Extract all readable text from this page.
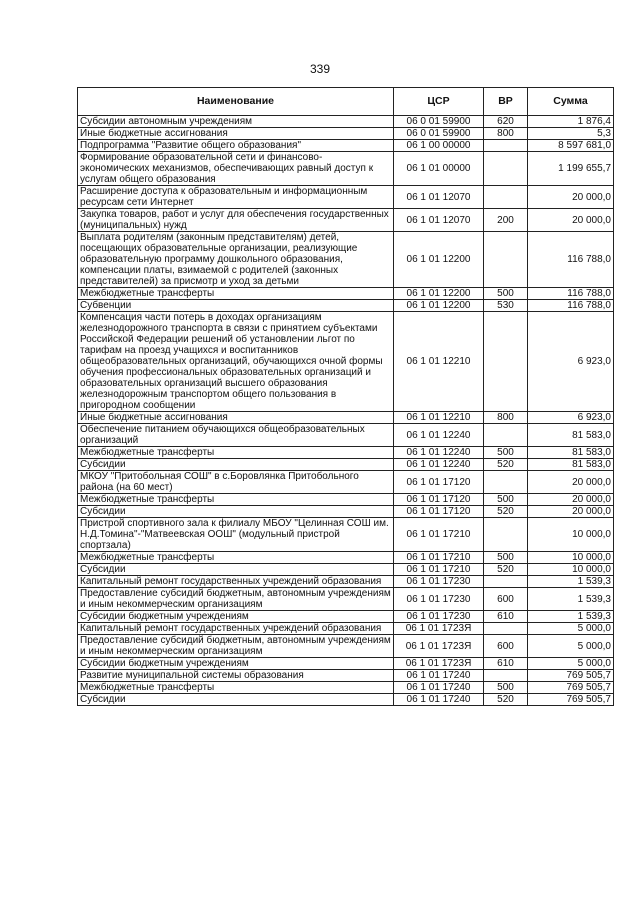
339
Наименование	ЦСР	ВР	Сумма
Субсидии автономным учреждениям	06 0 01 59900	620	1 876,4
Иные бюджетные ассигнования	06 0 01 59900	800	5,3
Подпрограмма "Развитие общего образования"	06 1 00 00000		8 597 681,0
Формирование образовательной сети и финансово-экономических механизмов, обеспечивающих равный доступ к услугам общего образования	06 1 01 00000		1 199 655,7
Расширение доступа к образовательным и информационным ресурсам сети Интернет	06 1 01 12070		20 000,0
Закупка товаров, работ и услуг для обеспечения государственных (муниципальных) нужд	06 1 01 12070	200	20 000,0
Выплата родителям (законным представителям) детей, посещающих образовательные организации, реализующие образовательную программу дошкольного образования, компенсации платы, взимаемой с родителей (законных представителей) за присмотр и уход за детьми	06 1 01 12200		116 788,0
Межбюджетные трансферты	06 1 01 12200	500	116 788,0
Субвенции	06 1 01 12200	530	116 788,0
Компенсация части потерь в доходах организациям железнодорожного транспорта в связи с принятием субъектами Российской Федерации решений об установлении льгот по тарифам на проезд учащихся и воспитанников общеобразовательных организаций, обучающихся очной формы обучения профессиональных образовательных организаций и образовательных организаций высшего образования железнодорожным транспортом общего пользования в пригородном сообщении	06 1 01 12210		6 923,0
Иные бюджетные ассигнования	06 1 01 12210	800	6 923,0
Обеспечение питанием обучающихся общеобразовательных организаций	06 1 01 12240		81 583,0
Межбюджетные трансферты	06 1 01 12240	500	81 583,0
Субсидии	06 1 01 12240	520	81 583,0
МКОУ "Притобольная СОШ" в с.Боровлянка Притобольного района (на 60 мест)	06 1 01 17120		20 000,0
Межбюджетные трансферты	06 1 01 17120	500	20 000,0
Субсидии	06 1 01 17120	520	20 000,0
Пристрой спортивного зала к филиалу МБОУ "Целинная СОШ им. Н.Д.Томина"-"Матвеевская ООШ" (модульный пристрой спортзала)	06 1 01 17210		10 000,0
Межбюджетные трансферты	06 1 01 17210	500	10 000,0
Субсидии	06 1 01 17210	520	10 000,0
Капитальный ремонт государственных учреждений образования	06 1 01 17230		1 539,3
Предоставление субсидий бюджетным, автономным учреждениям и иным некоммерческим организациям	06 1 01 17230	600	1 539,3
Субсидии бюджетным учреждениям	06 1 01 17230	610	1 539,3
Капитальный ремонт государственных учреждений образования	06 1 01 1723Я		5 000,0
Предоставление субсидий бюджетным, автономным учреждениям и иным некоммерческим организациям	06 1 01 1723Я	600	5 000,0
Субсидии бюджетным учреждениям	06 1 01 1723Я	610	5 000,0
Развитие муниципальной системы образования	06 1 01 17240		769 505,7
Межбюджетные трансферты	06 1 01 17240	500	769 505,7
Субсидии	06 1 01 17240	520	769 505,7
